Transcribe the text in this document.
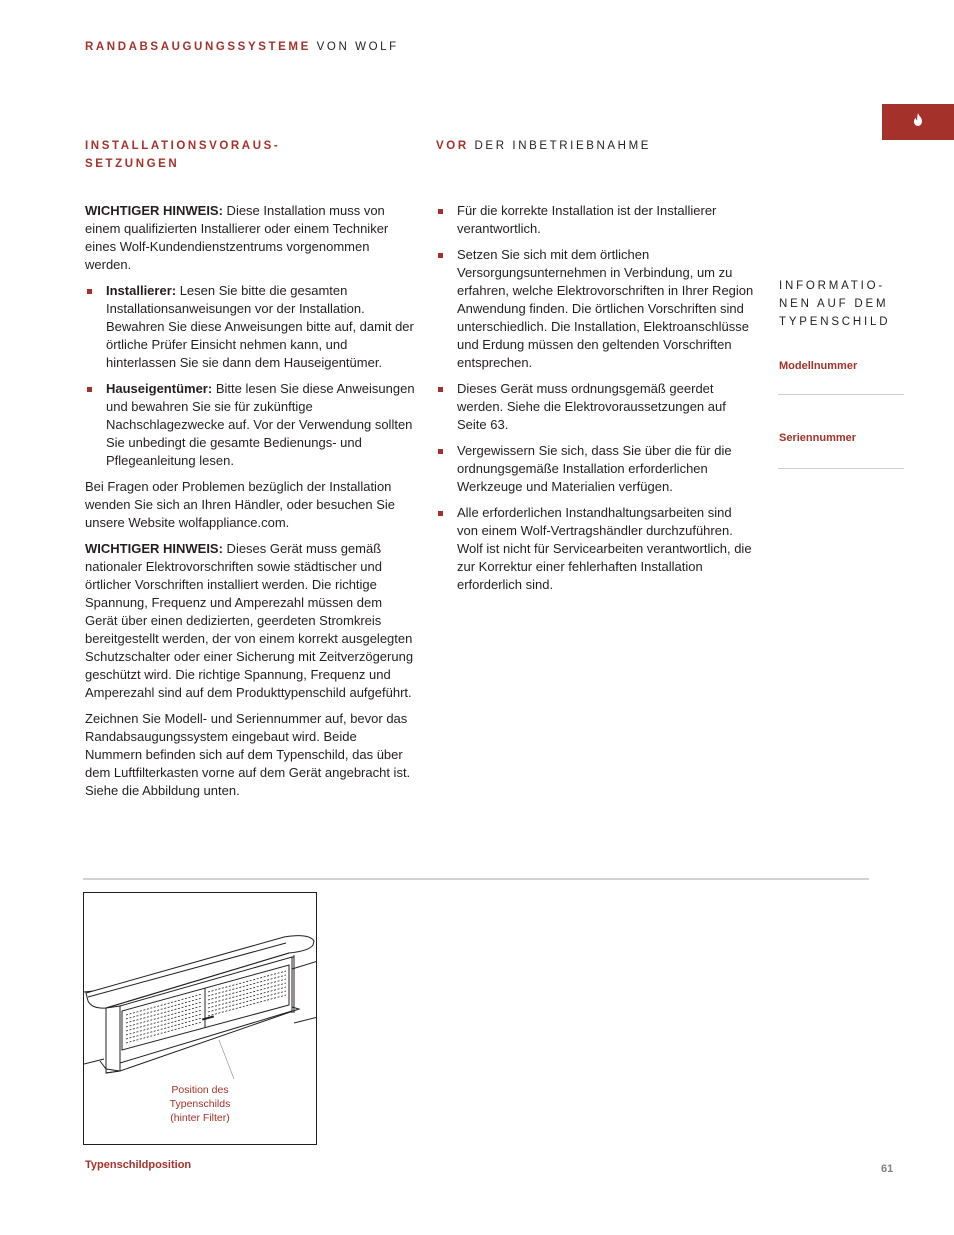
RANDABSAUGUNGSSYSTEME VON WOLF
INSTALLATIONSVORAUS-
SETZUNGEN
VOR DER INBETRIEBNAHME

WICHTIGER HINWEIS: Diese Installation muss von einem qualifizierten Installierer oder einem Techniker eines Wolf-Kundendienstzentrums vorgenommen werden.

Installierer: Lesen Sie bitte die gesamten Installationsanweisungen vor der Installation. Bewahren Sie diese Anweisungen bitte auf, damit der örtliche Prüfer Einsicht nehmen kann, und hinterlassen Sie sie dann dem Hauseigentümer.
Hauseigentümer: Bitte lesen Sie diese Anweisungen und bewahren Sie sie für zukünftige Nachschlagezwecke auf. Vor der Verwendung sollten Sie unbedingt die gesamte Bedienungs- und Pflegeanleitung lesen.

Bei Fragen oder Problemen bezüglich der Installation wenden Sie sich an Ihren Händler, oder besuchen Sie unsere Website wolfappliance.com.

WICHTIGER HINWEIS: Dieses Gerät muss gemäß nationaler Elektrovorschriften sowie städtischer und örtlicher Vorschriften installiert werden. Die richtige Spannung, Frequenz und Amperezahl müssen dem Gerät über einen dedizierten, geerdeten Stromkreis bereitgestellt werden, der von einem korrekt ausgelegten Schutzschalter oder einer Sicherung mit Zeitverzögerung geschützt wird. Die richtige Spannung, Frequenz und Amperezahl sind auf dem Produkttypenschild aufgeführt.

Zeichnen Sie Modell- und Seriennummer auf, bevor das Randabsaugungssystem eingebaut wird. Beide Nummern befinden sich auf dem Typenschild, das über dem Luftfilterkasten vorne auf dem Gerät angebracht ist. Siehe die Abbildung unten.

Für die korrekte Installation ist der Installierer verantwortlich.
Setzen Sie sich mit dem örtlichen Versorgungsunternehmen in Verbindung, um zu erfahren, welche Elektrovorschriften in Ihrer Region Anwendung finden. Die örtlichen Vorschriften sind unterschiedlich. Die Installation, Elektroanschlüsse und Erdung müssen den geltenden Vorschriften entsprechen.
Dieses Gerät muss ordnungsgemäß geerdet werden. Siehe die Elektrovoraussetzungen auf Seite 63.
Vergewissern Sie sich, dass Sie über die für die ordnungsgemäße Installation erforderlichen Werkzeuge und Materialien verfügen.
Alle erforderlichen Instandhaltungsarbeiten sind von einem Wolf-Vertragshändler durchzuführen. Wolf ist nicht für Servicearbeiten verantwortlich, die zur Korrektur einer fehlerhaften Installation erforderlich sind.
INFORMATIO-
NEN AUF DEM
TYPENSCHILD
Modellnummer
Seriennummer
Position des
Typenschilds
(hinter Filter)
Typenschildposition	61
